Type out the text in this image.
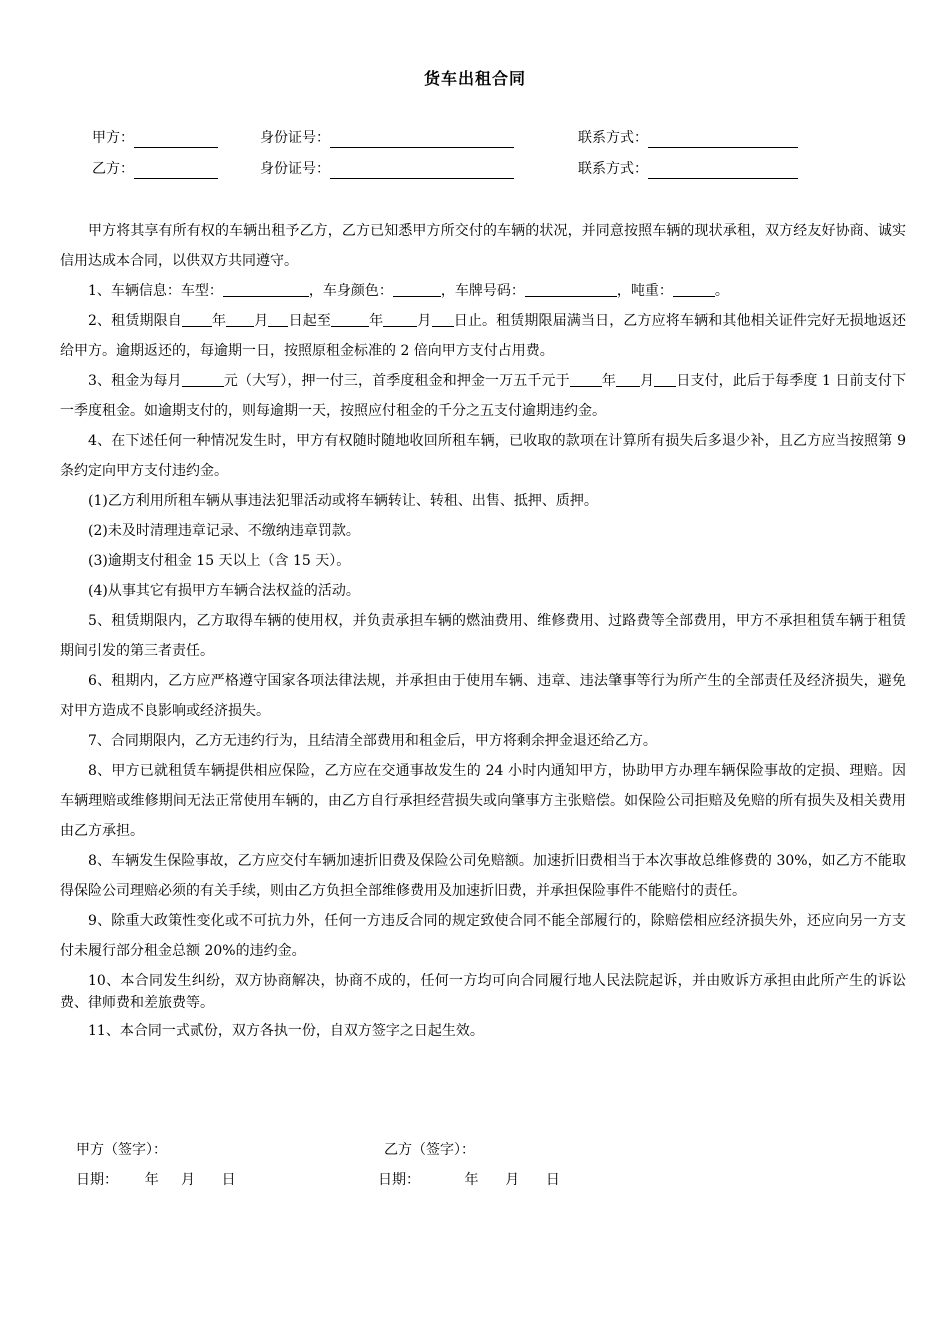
货车出租合同
甲方：	身份证号：	联系方式：
乙方：	身份证号：	联系方式：

甲方将其享有所有权的车辆出租予乙方，乙方已知悉甲方所交付的车辆的状况，并同意按照车辆的现状承租，双方经友好协商、诚实信用达成本合同，以供双方共同遵守。

1、车辆信息：车型：	，车身颜色：	，车牌号码：	，吨重：	。

2、租赁期限自 年 月 日起至	年 月 日止。租赁期限届满当日，乙方应将车辆和其他相关证件完好无损地返还给甲方。逾期返还的，每逾期一日，按照原租金标准的 2 倍向甲方支付占用费。

3、租金为每月	元（大写），押一付三，首季度租金和押金一万五千元于 年 月 日支付，此后于每季度 1 日前支付下一季度租金。如逾期支付的，则每逾期一天，按照应付租金的千分之五支付逾期违约金。

4、在下述任何一种情况发生时，甲方有权随时随地收回所租车辆，已收取的款项在计算所有损失后多退少补，且乙方应当按照第 9 条约定向甲方支付违约金。

(1)乙方利用所租车辆从事违法犯罪活动或将车辆转让、转租、出售、抵押、质押。

(2)未及时清理违章记录、不缴纳违章罚款。

(3)逾期支付租金 15 天以上（含 15 天）。

(4)从事其它有损甲方车辆合法权益的活动。

5、租赁期限内，乙方取得车辆的使用权，并负责承担车辆的燃油费用、维修费用、过路费等全部费用，甲方不承担租赁车辆于租赁期间引发的第三者责任。

6、租期内，乙方应严格遵守国家各项法律法规，并承担由于使用车辆、违章、违法肇事等行为所产生的全部责任及经济损失，避免对甲方造成不良影响或经济损失。

7、合同期限内，乙方无违约行为，且结清全部费用和租金后，甲方将剩余押金退还给乙方。

8、甲方已就租赁车辆提供相应保险，乙方应在交通事故发生的 24 小时内通知甲方，协助甲方办理车辆保险事故的定损、理赔。因车辆理赔或维修期间无法正常使用车辆的，由乙方自行承担经营损失或向肇事方主张赔偿。如保险公司拒赔及免赔的所有损失及相关费用由乙方承担。

8、车辆发生保险事故，乙方应交付车辆加速折旧费及保险公司免赔额。加速折旧费相当于本次事故总维修费的 30%，如乙方不能取得保险公司理赔必须的有关手续，则由乙方负担全部维修费用及加速折旧费，并承担保险事件不能赔付的责任。

9、除重大政策性变化或不可抗力外，任何一方违反合同的规定致使合同不能全部履行的，除赔偿相应经济损失外，还应向另一方支付未履行部分租金总额 20%的违约金。

10、本合同发生纠纷，双方协商解决，协商不成的，任何一方均可向合同履行地人民法院起诉，并由败诉方承担由此所产生的诉讼费、律师费和差旅费等。

11、本合同一式贰份，双方各执一份，自双方签字之日起生效。

甲方（签字）：	乙方（签字）：
日期：      年     月      日	日期：          年      月      日
